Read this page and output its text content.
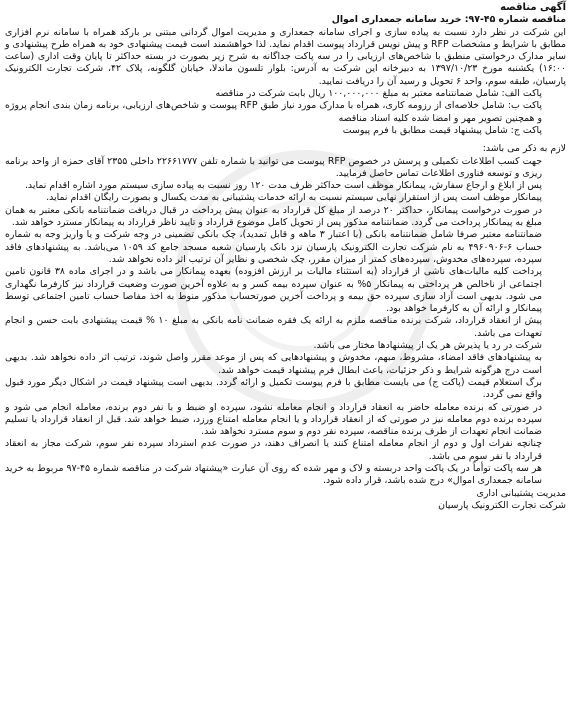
آگهی مناقصه

مناقصه شماره ۴۵-۹۷: خرید سامانه جمعداری اموال

این شرکت در نظر دارد نسبت به پیاده سازی و اجرای سامانه جمعداری و مدیریت اموال گردانی مبتنی بر بارکد همراه با سامانه نرم افزاری مطابق با شرایط و مشخصات RFP و پیش نویس قرارداد پیوست اقدام نماید. لذا خواهشمند است قیمت پیشنهادی خود به همراه طرح پیشنهادی و سایر مدارک درخواستی منطبق با شاخص‌های ارزیابی را در سه پاکت جداگانه به شرح زیر بصورت در بسته حداکثر تا پایان وقت اداری (ساعت ۱۶:۰۰) یکشنبه مورخ ۱۳۹۷/۱۰/۲۳ به دبیرخانه این شرکت به آدرس: بلوار تلسون ماندلا، خیابان گلگونه، پلاک ۴۲، شرکت تجارت الکترونیک پارسیان، طبقه سوم، واحد ۶ تحویل و رسید آن را دریافت نمایید.

پاکت الف: شامل ضمانتنامه معتبر به مبلغ ۱۰۰,۰۰۰,۰۰۰ ریال بابت شرکت در مناقصه

پاکت ب: شامل خلاصه‌ای از رزومه کاری، همراه با مدارک مورد نیاز طبق RFP پیوست و شاخص‌های ارزیابی، برنامه زمان بندی انجام پروژه و همچنین تصویر مهر و امضا شده کلیه اسناد مناقصه

پاکت ج: شامل پیشنهاد قیمت مطابق با فرم پیوست

لازم به ذکر می باشد:

جهت کسب اطلاعات تکمیلی و پرسش در خصوص RFP پیوست می توانید با شماره تلفن ۲۲۶۶۱۷۷۷ داخلی ۲۳۵۵ آقای حمزه از واحد برنامه ریزی و توسعه فناوری اطلاعات تماس حاصل فرمایید.

پس از ابلاغ و ارجاع سفارش، پیمانکار موظف است حداکثر ظرف مدت ۱۲۰ روز نسبت به پیاده سازی سیستم مورد اشاره اقدام نماید.

پیمانکار موظف است پس از استقرار نهایی سیستم نسبت به ارائه خدمات پشتیبانی به مدت یکسال و بصورت رایگان اقدام نماید.

در صورت درخواست پیمانکار، حداکثر ۲۰ درصد از مبلغ کل قرارداد به عنوان پیش پرداخت در قبال دریافت ضمانتنامه بانکی معتبر به همان مبلغ به پیمانکار پرداخت می گردد. ضمانتنامه مذکور پس از تحویل کامل موضوع قرارداد و تایید ناظر قرارداد به پیمانکار مسترد خواهد شد.

ضمانتنامه معتبر صرفا شامل ضمانتنامه بانکی (با اعتبار ۳ ماهه و قابل تمدید)، چک بانکی تضمینی در وجه شرکت و یا واریز وجه به شماره حساب ۶-۴۹۶۰۹۰۶ به نام شرکت تجارت الکترونیک پارسیان نزد بانک پارسیان شعبه مسجد جامع کد ۱۰۵۹ می‌باشد. به پیشنهادهای فاقد سپرده، سپرده‌های مخدوش، سپرده‌های کمتر از میزان مقرر، چک شخصی و نظایر آن ترتیب اثر داده نخواهد شد.

پرداخت کلیه مالیات‌های ناشی از قرارداد (به استثناء مالیات بر ارزش افزوده) بعهده پیمانکار می باشد و در اجرای ماده ۳۸ قانون تامین اجتماعی از ناخالص هر پرداختی به پیمانکار ۵% به عنوان سپرده بیمه کسر و به علاوه آخرین صورت وضعیت قرارداد نیز کارفرما نگهداری می شود. بدیهی است آزاد سازی سپرده حق بیمه و پرداخت آخرین صورتحساب مذکور منوط به اخذ مفاصا حساب تامین اجتماعی توسط پیمانکار و ارائه آن به کارفرما خواهد بود.

پیش از انعقاد قرارداد، شرکت برنده مناقصه ملزم به ارائه یک فقره ضمانت نامه بانکی به مبلغ ۱۰ % قیمت پیشنهادی بابت حسن و انجام تعهدات می باشد.

شرکت در رد یا پذیرش هر یک از پیشنهادها مختار می باشد.

به پیشنهادهای فاقد امضاء، مشروط، مبهم، مخدوش و پیشنهادهایی که پس از موعد مقرر واصل شوند، ترتیب اثر داده نخواهد شد. بدیهی است درج هرگونه شرایط و ذکر جزئیات، باعث ابطال فرم پیشنهاد قیمت خواهد شد.

برگ استعلام قیمت (پاکت ج) می بایست مطابق با فرم پیوست تکمیل و ارائه گردد. بدیهی است پیشنهاد قیمت در اشکال دیگر مورد قبول واقع نمی گردد.

در صورتی که برنده معامله حاضر به انعقاد قرارداد و انجام معامله نشود، سپرده او ضبط و با نفر دوم برنده، معامله انجام می شود و سپرده برنده دوم معامله نیز در صورتی که از انعقاد قرارداد و یا انجام معامله امتناع ورزد، ضبط خواهد شد. قبل از انعقاد قرارداد یا تسلیم ضمانت انجام تعهدات از طرف برنده مناقصه، سپرده نفر دوم و سوم مسترد نخواهد شد.

چنانچه نفرات اول و دوم از انجام معامله امتناع کنند یا انصراف دهند، در صورت عدم استرداد سپرده نفر سوم، شرکت مجاز به انعقاد قرارداد با نفر سوم می باشد.

هر سه پاکت توأماً در یک پاکت واحد دربسته و لاک و مهر شده که روی آن عبارت «پیشنهاد شرکت در مناقصه شماره ۴۵-۹۷ مربوط به خرید سامانه جمعداری اموال» درج شده باشد، قرار داده شود.

مدیریت پشتیبانی اداری

شرکت تجارت الکترونیک پارسیان
